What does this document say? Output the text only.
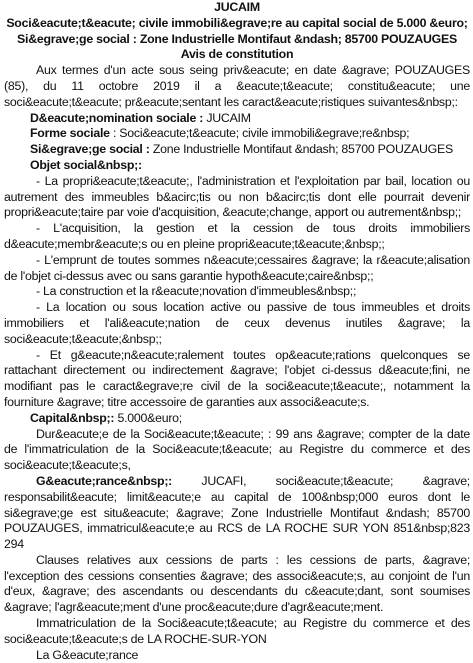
JUCAIM

Soci&eacute;t&eacute; civile immobili&egrave;re au capital social de 5.000 &euro;

Si&egrave;ge social : Zone Industrielle Montifaut &ndash; 85700 POUZAUGES

Avis de constitution

Aux termes d'un acte sous seing priv&eacute; en date &agrave; POUZAUGES (85), du 11 octobre 2019 il a &eacute;t&eacute; constitu&eacute; une soci&eacute;t&eacute; pr&eacute;sentant les caract&eacute;ristiques suivantes&nbsp;:

D&eacute;nomination sociale : JUCAIM

Forme sociale : Soci&eacute;t&eacute; civile immobili&egrave;re&nbsp;

Si&egrave;ge social : Zone Industrielle Montifaut &ndash; 85700 POUZAUGES

Objet social&nbsp;:

- La propri&eacute;t&eacute;, l'administration et l'exploitation par bail, location ou autrement des immeubles b&acirc;tis ou non b&acirc;tis dont elle pourrait devenir propri&eacute;taire par voie d'acquisition, &eacute;change, apport ou autrement&nbsp;;

- L'acquisition, la gestion et la cession de tous droits immobiliers d&eacute;membr&eacute;s ou en pleine propri&eacute;t&eacute;&nbsp;;

- L'emprunt de toutes sommes n&eacute;cessaires &agrave; la r&eacute;alisation de l'objet ci-dessus avec ou sans garantie hypoth&eacute;caire&nbsp;;

- La construction et la r&eacute;novation d'immeubles&nbsp;;

- La location ou sous location active ou passive de tous immeubles et droits immobiliers et l'ali&eacute;nation de ceux devenus inutiles &agrave; la soci&eacute;t&eacute;&nbsp;;

- Et g&eacute;n&eacute;ralement toutes op&eacute;rations quelconques se rattachant directement ou indirectement &agrave; l'objet ci-dessus d&eacute;fini, ne modifiant pas le caract&egrave;re civil de la soci&eacute;t&eacute;, notamment la fourniture &agrave; titre accessoire de garanties aux associ&eacute;s.

Capital&nbsp;: 5.000&euro;

Dur&eacute;e de la Soci&eacute;t&eacute; : 99 ans &agrave; compter de la date de l'immatriculation de la Soci&eacute;t&eacute; au Registre du commerce et des soci&eacute;t&eacute;s,

G&eacute;rance&nbsp;: JUCAFI, soci&eacute;t&eacute; &agrave; responsabilit&eacute; limit&eacute;e au capital de 100&nbsp;000 euros dont le si&egrave;ge est situ&eacute; &agrave; Zone Industrielle Montifaut &ndash; 85700 POUZAUGES, immatricul&eacute;e au RCS de LA ROCHE SUR YON 851&nbsp;823 294

Clauses relatives aux cessions de parts : les cessions de parts, &agrave; l'exception des cessions consenties &agrave; des associ&eacute;s, au conjoint de l'un d'eux, &agrave; des ascendants ou descendants du c&eacute;dant, sont soumises &agrave; l'agr&eacute;ment d'une proc&eacute;dure d'agr&eacute;ment.

Immatriculation de la Soci&eacute;t&eacute; au Registre du commerce et des soci&eacute;t&eacute;s de LA ROCHE-SUR-YON

La G&eacute;rance
